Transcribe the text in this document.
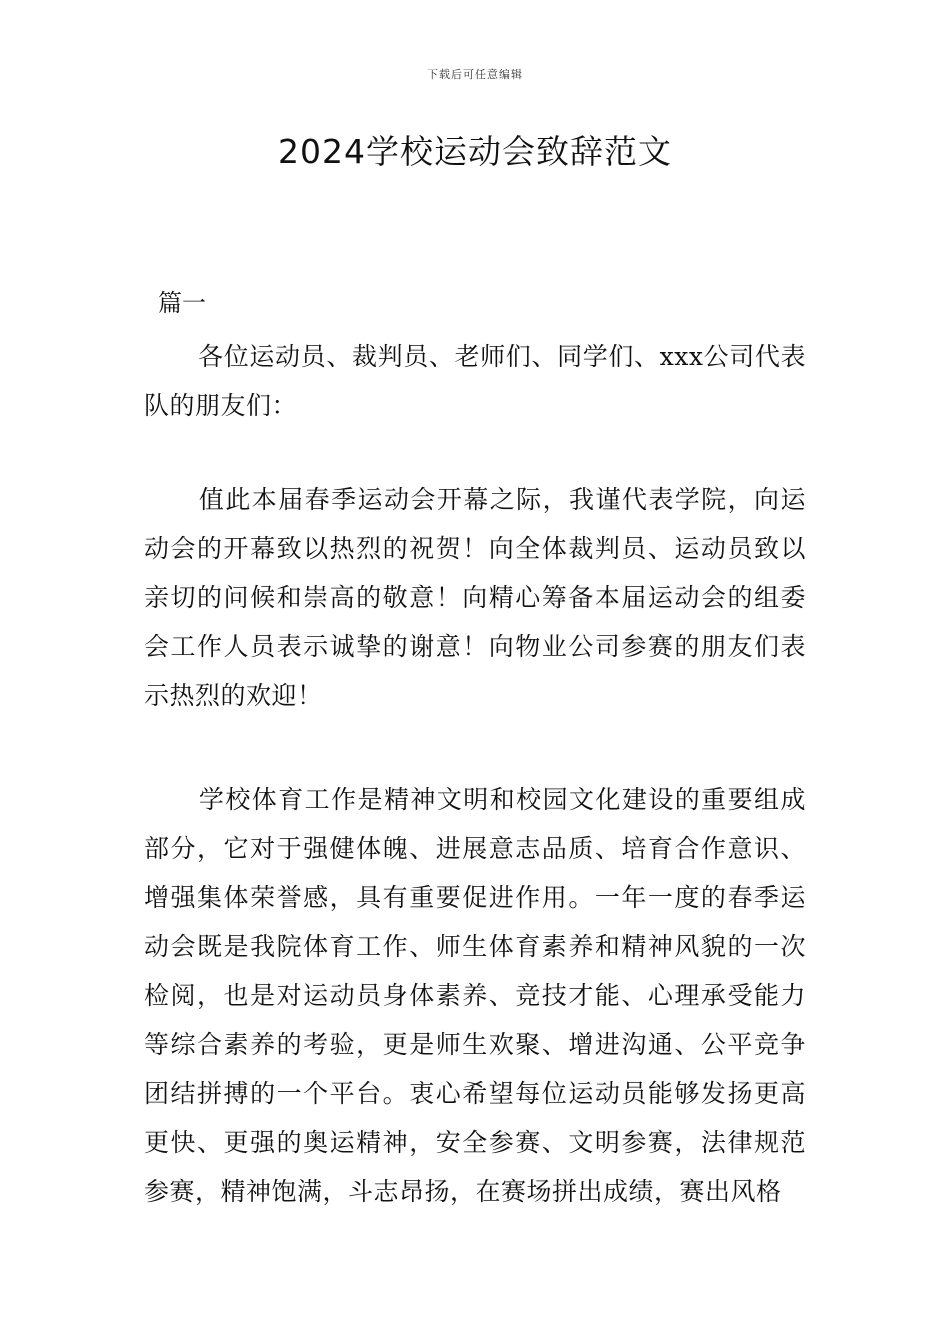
下载后可任意编辑
2024学校运动会致辞范文
篇一
各位运动员、裁判员、老师们、同学们、xxx公司代表队的朋友们：
值此本届春季运动会开幕之际，我谨代表学院，向运动会的开幕致以热烈的祝贺！向全体裁判员、运动员致以亲切的问候和崇高的敬意！向精心筹备本届运动会的组委会工作人员表示诚挚的谢意！向物业公司参赛的朋友们表示热烈的欢迎！
学校体育工作是精神文明和校园文化建设的重要组成部分，它对于强健体魄、进展意志品质、培育合作意识、增强集体荣誉感，具有重要促进作用。一年一度的春季运动会既是我院体育工作、师生体育素养和精神风貌的一次检阅，也是对运动员身体素养、竞技才能、心理承受能力等综合素养的考验，更是师生欢聚、增进沟通、公平竞争团结拼搏的一个平台。衷心希望每位运动员能够发扬更高更快、更强的奥运精神，安全参赛、文明参赛，法律规范参赛，精神饱满，斗志昂扬，在赛场拼出成绩，赛出风格
